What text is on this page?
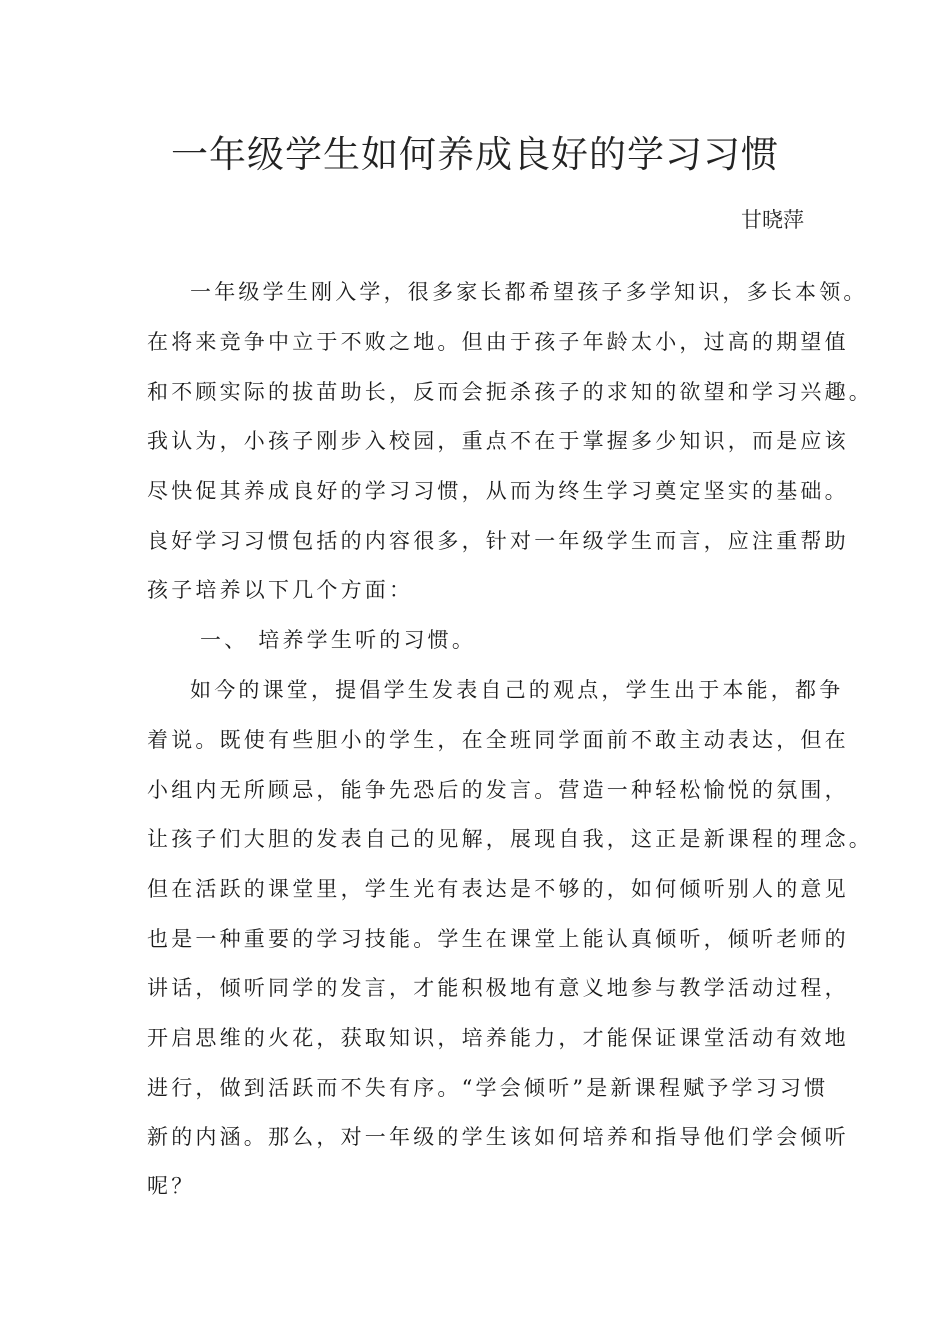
一年级学生如何养成良好的学习习惯
甘晓萍
一年级学生刚入学，很多家长都希望孩子多学知识，多长本领。
在将来竞争中立于不败之地。但由于孩子年龄太小，过高的期望值
和不顾实际的拔苗助长，反而会扼杀孩子的求知的欲望和学习兴趣。
我认为，小孩子刚步入校园，重点不在于掌握多少知识，而是应该
尽快促其养成良好的学习习惯，从而为终生学习奠定坚实的基础。
良好学习习惯包括的内容很多，针对一年级学生而言，应注重帮助
孩子培养以下几个方面：
一、 培养学生听的习惯。
如今的课堂，提倡学生发表自己的观点，学生出于本能，都争
着说。既使有些胆小的学生，在全班同学面前不敢主动表达，但在
小组内无所顾忌，能争先恐后的发言。营造一种轻松愉悦的氛围，
让孩子们大胆的发表自己的见解，展现自我，这正是新课程的理念。
但在活跃的课堂里，学生光有表达是不够的，如何倾听别人的意见
也是一种重要的学习技能。学生在课堂上能认真倾听，倾听老师的
讲话，倾听同学的发言，才能积极地有意义地参与教学活动过程，
开启思维的火花，获取知识，培养能力，才能保证课堂活动有效地
进行，做到活跃而不失有序。“学会倾听”是新课程赋予学习习惯
新的内涵。那么，对一年级的学生该如何培养和指导他们学会倾听
呢？
